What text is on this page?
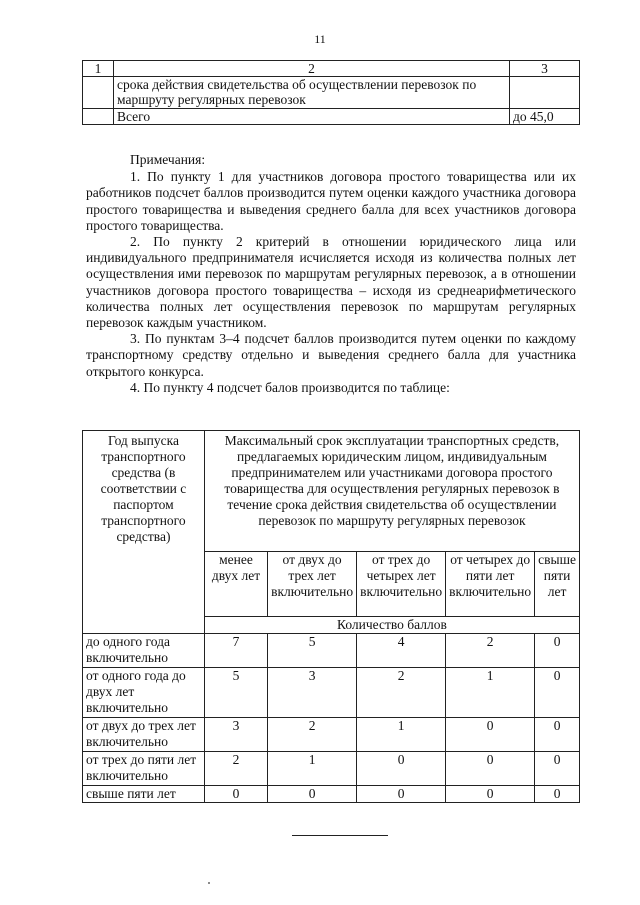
11
1	2	3
	срока действия свидетельства об осуществлении перевозок по маршруту регулярных перевозок	
	Всего	до 45,0

Примечания:

1. По пункту 1 для участников договора простого товарищества или их работников подсчет баллов производится путем оценки каждого участника договора простого товарищества и выведения среднего балла для всех участников договора простого товарищества.

2. По пункту 2 критерий в отношении юридического лица или индивидуального предпринимателя исчисляется исходя из количества полных лет осуществления ими перевозок по маршрутам регулярных перевозок, а в отношении участников договора простого товарищества – исходя из среднеарифметического количества полных лет осуществления перевозок по маршрутам регулярных перевозок каждым участником.

3. По пунктам 3–4 подсчет баллов производится путем оценки по каждому транспортному средству отдельно и выведения среднего балла для участника открытого конкурса.

4. По пункту 4 подсчет балов производится по таблице:

Год выпуска транспортного средства (в соответствии с паспортом транспортного средства)	Максимальный срок эксплуатации транспортных средств, предлагаемых юридическим лицом, индивидуальным предпринимателем или участниками договора простого товарищества для осуществления регулярных перевозок в течение срока действия свидетельства об осуществлении перевозок по маршруту регулярных перевозок				
	менее двух лет	от двух до трех лет включительно	от трех до четырех лет включительно	от четырех до пяти лет включительно	свыше пяти лет
	Количество баллов				
до одного года включительно	7	5	4	2	0
от одного года до двух лет включительно	5	3	2	1	0
от двух до трех лет включительно	3	2	1	0	0
от трех до пяти лет включительно	2	1	0	0	0
свыше пяти лет	0	0	0	0	0
